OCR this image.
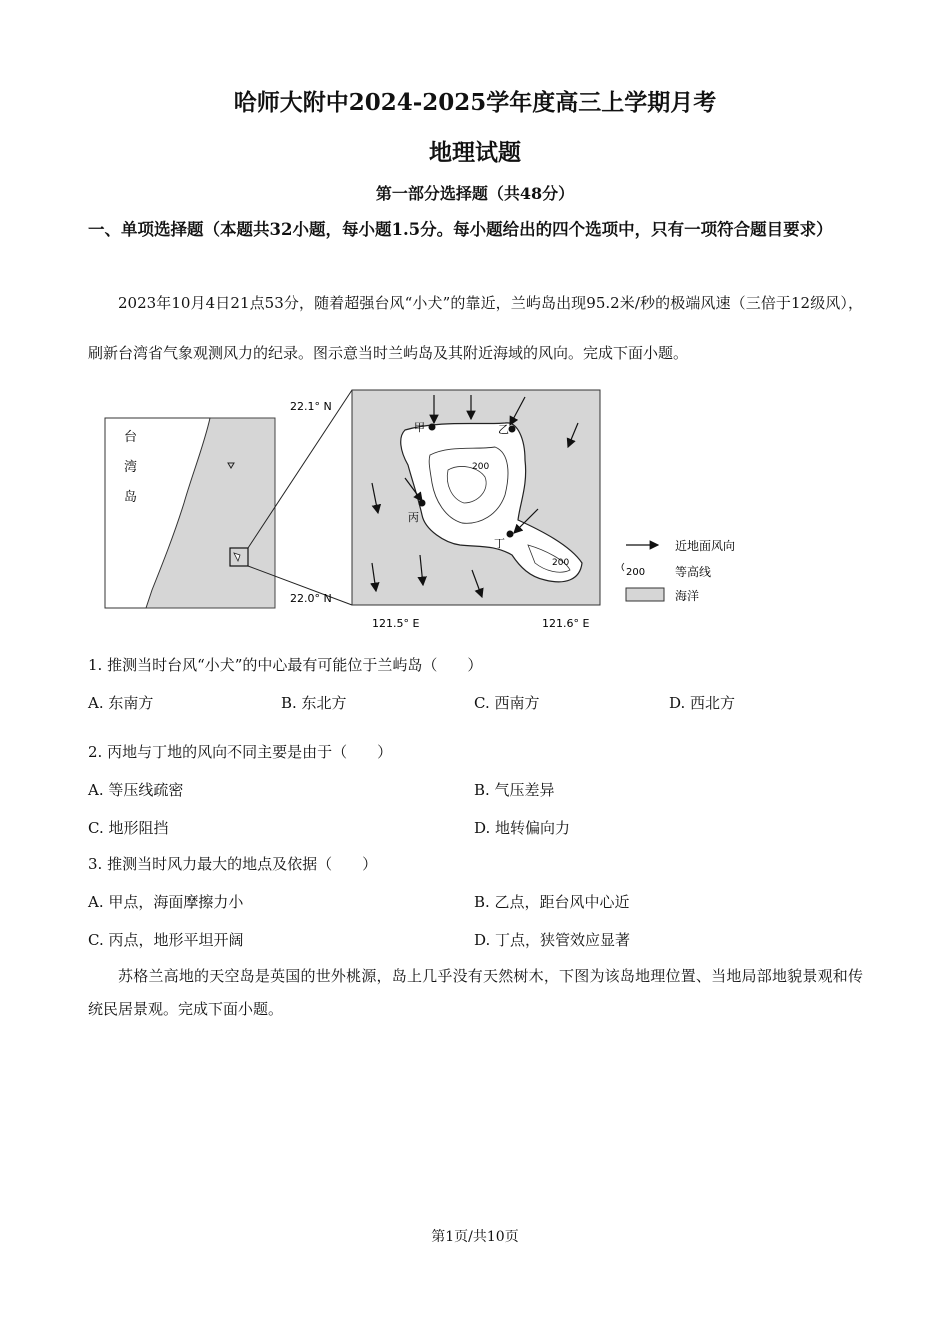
哈师大附中2024-2025学年度高三上学期月考
地理试题
第一部分选择题（共48分）
一、单项选择题（本题共32小题，每小题1.5分。每小题给出的四个选项中，只有一项符合题目要求）
2023年10月4日21点53分，随着超强台风“小犬”的靠近，兰屿岛出现95.2米/秒的极端风速（三倍于12级风），刷新台湾省气象观测风力的纪录。图示意当时兰屿岛及其附近海域的风向。完成下面小题。
台
湾
岛
200
200
甲	乙
丙
丁
22.1° N
22.0° N
121.5° E	121.6° E
近地面风向
200 等高线
海洋
1. 推测当时台风“小犬”的中心最有可能位于兰屿岛（　　）
A. 东南方	B. 东北方	C. 西南方	D. 西北方
2. 丙地与丁地的风向不同主要是由于（　　）
A. 等压线疏密	B. 气压差异
C. 地形阻挡	D. 地转偏向力
3. 推测当时风力最大的地点及依据（　　）
A. 甲点，海面摩擦力小	B. 乙点，距台风中心近
C. 丙点，地形平坦开阔	D. 丁点，狭管效应显著
苏格兰高地的天空岛是英国的世外桃源，岛上几乎没有天然树木，下图为该岛地理位置、当地局部地貌景观和传统民居景观。完成下面小题。
第1页/共10页
